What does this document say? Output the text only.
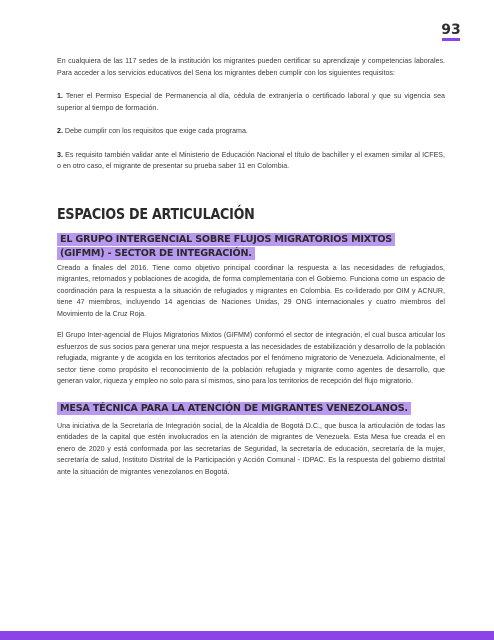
93

En cualquiera de las 117 sedes de la institución los migrantes pueden certificar su aprendizaje y competencias laborales. Para acceder a los servicios educativos del Sena los migrantes deben cumplir con los siguientes requisitos:

1. Tener el Permiso Especial de Permanencia al día, cédula de extranjería o certificado laboral y que su vigencia sea superior al tiempo de formación.

2. Debe cumplir con los requisitos que exige cada programa.

3. Es requisito también validar ante el Ministerio de Educación Nacional el título de bachiller y el examen similar al ICFES, o en otro caso, el migrante de presentar su prueba saber 11 en Colombia.

ESPACIOS DE ARTICULACIÓN
EL GRUPO INTERGENCIAL SOBRE FLUJOS MIGRATORIOS MIXTOS
(GIFMM) - SECTOR DE INTEGRACIÓN.

Creado a finales del 2016. Tiene como objetivo principal coordinar la respuesta a las necesidades de refugiados, migrantes, retornados y poblaciones de acogida, de forma complementaria con el Gobierno. Funciona como un espacio de coordinación para la respuesta a la situación de refugiados y migrantes en Colombia. Es co-liderado por OIM y ACNUR, tiene 47 miembros, incluyendo 14 agencias de Naciones Unidas, 29 ONG internacionales y cuatro miembros del Movimiento de la Cruz Roja.

El Grupo Inter-agencial de Flujos Migratorios Mixtos (GIFMM) conformó el sector de integración, el cual busca articular los esfuerzos de sus socios para generar una mejor respuesta a las necesidades de estabilización y desarrollo de la población refugiada, migrante y de acogida en los territorios afectados por el fenómeno migratorio de Venezuela. Adicionalmente, el sector tiene como propósito el reconocimiento de la población refugiada y migrante como agentes de desarrollo, que generan valor, riqueza y empleo no solo para sí mismos, sino para los territorios de recepción del flujo migratorio.

MESA TÉCNICA PARA LA ATENCIÓN DE MIGRANTES VENEZOLANOS.

Una iniciativa de la Secretaría de Integración social, de la Alcaldía de Bogotá D.C., que busca la articulación de todas las entidades de la capital que estén involucrados en la atención de migrantes de Venezuela. Esta Mesa fue creada el en enero de 2020 y está conformada por las secretarías de Seguridad, la secretaría de educación, secretaría de la mujer, secretaría de salud, Instituto Distrital de la Participación y Acción Comunal - IDPAC. Es la respuesta del gobierno distrital ante la situación de migrantes venezolanos en Bogotá.
